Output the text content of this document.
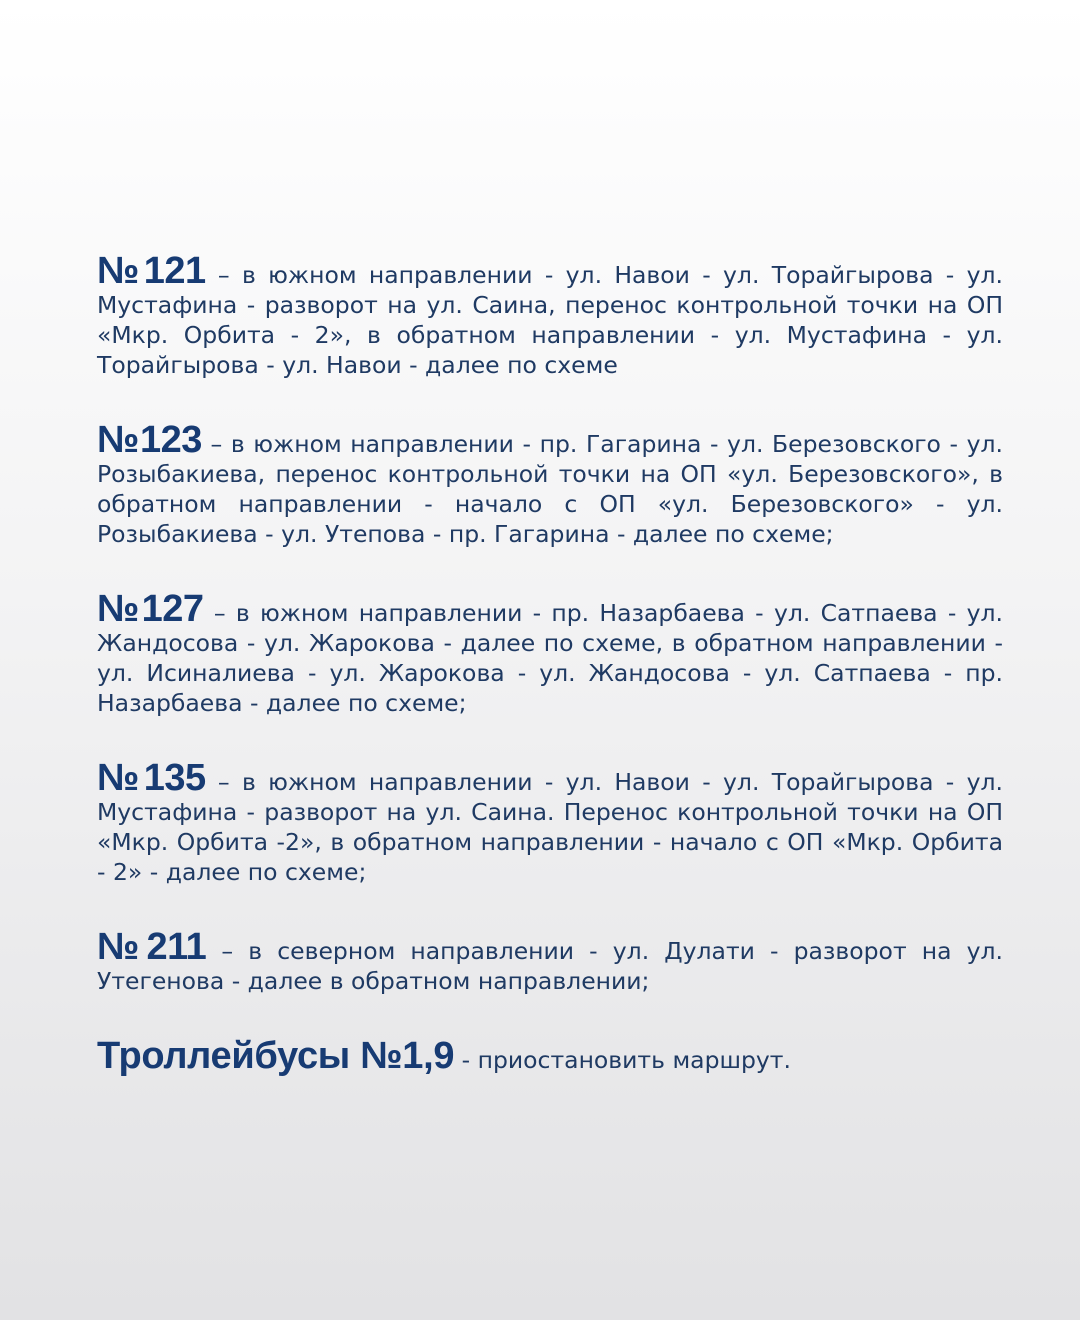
№121 – в южном направлении - ул. Навои - ул. Торайгырова - ул. Мустафина - разворот на ул. Саина, перенос контрольной точки на ОП «Мкр. Орбита - 2», в обратном направлении - ул. Мустафина - ул. Торайгырова - ул. Навои - далее по схеме

№123 – в южном направлении - пр. Гагарина - ул. Березовского - ул. Розыбакиева, перенос контрольной точки на ОП «ул. Березовского», в обратном направлении - начало с ОП «ул. Березовского» - ул. Розыбакиева - ул. Утепова - пр. Гагарина - далее по схеме;

№127 – в южном направлении - пр. Назарбаева - ул. Сатпаева - ул. Жандосова - ул. Жарокова - далее по схеме, в обратном направлении - ул. Исиналиева - ул. Жарокова - ул. Жандосова - ул. Сатпаева - пр. Назарбаева - далее по схеме;

№135 – в южном направлении - ул. Навои - ул. Торайгырова - ул. Мустафина - разворот на ул. Саина. Перенос контрольной точки на ОП «Мкр. Орбита -2», в обратном направлении - начало с ОП «Мкр. Орбита - 2» - далее по схеме;

№211 – в северном направлении - ул. Дулати - разворот на ул. Утегенова - далее в обратном направлении;

Троллейбусы №1,9 - приостановить маршрут.
